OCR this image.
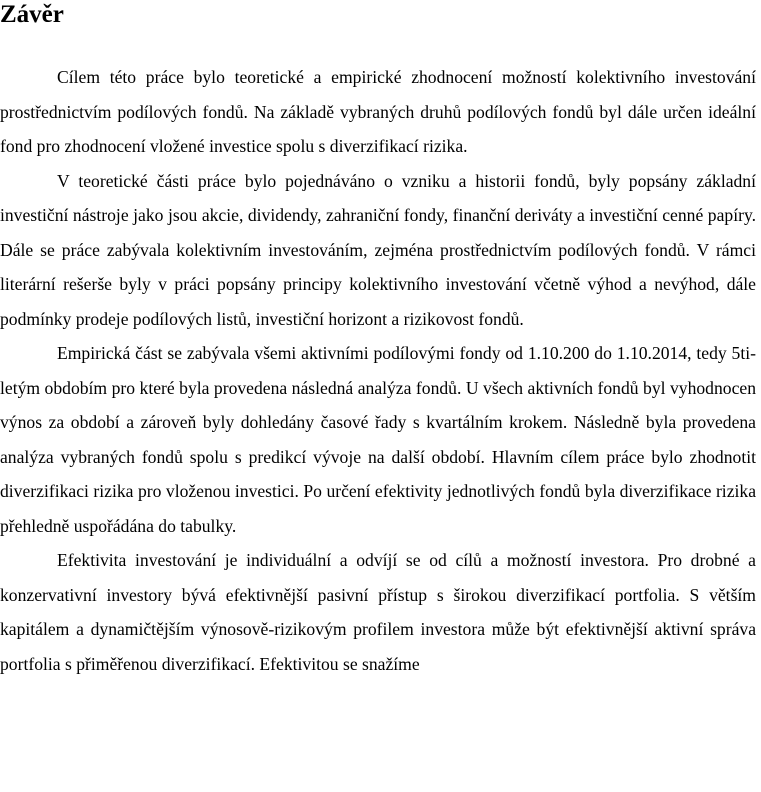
Závěr

Cílem této práce bylo teoretické a empirické zhodnocení možností kolektivního investování prostřednictvím podílových fondů. Na základě vybraných druhů podílových fondů byl dále určen ideální fond pro zhodnocení vložené investice spolu s diverzifikací rizika.

V teoretické části práce bylo pojednáváno o vzniku a historii fondů, byly popsány základní investiční nástroje jako jsou akcie, dividendy, zahraniční fondy, finanční deriváty a investiční cenné papíry. Dále se práce zabývala kolektivním investováním, zejména prostřednictvím podílových fondů. V rámci literární rešerše byly v práci popsány principy kolektivního investování včetně výhod a nevýhod, dále podmínky prodeje podílových listů, investiční horizont a rizikovost fondů.

Empirická část se zabývala všemi aktivními podílovými fondy od 1.10.200 do 1.10.2014, tedy 5ti-letým obdobím pro které byla provedena následná analýza fondů. U všech aktivních fondů byl vyhodnocen výnos za období a zároveň byly dohledány časové řady s kvartálním krokem. Následně byla provedena analýza vybraných fondů spolu s predikcí vývoje na další období. Hlavním cílem práce bylo zhodnotit diverzifikaci rizika pro vloženou investici. Po určení efektivity jednotlivých fondů byla diverzifikace rizika přehledně uspořádána do tabulky.

Efektivita investování je individuální a odvíjí se od cílů a možností investora. Pro drobné a konzervativní investory bývá efektivnější pasivní přístup s širokou diverzifikací portfolia. S větším kapitálem a dynamičtějším výnosově-rizikovým profilem investora může být efektivnější aktivní správa portfolia s přiměřenou diverzifikací. Efektivitou se snažíme
